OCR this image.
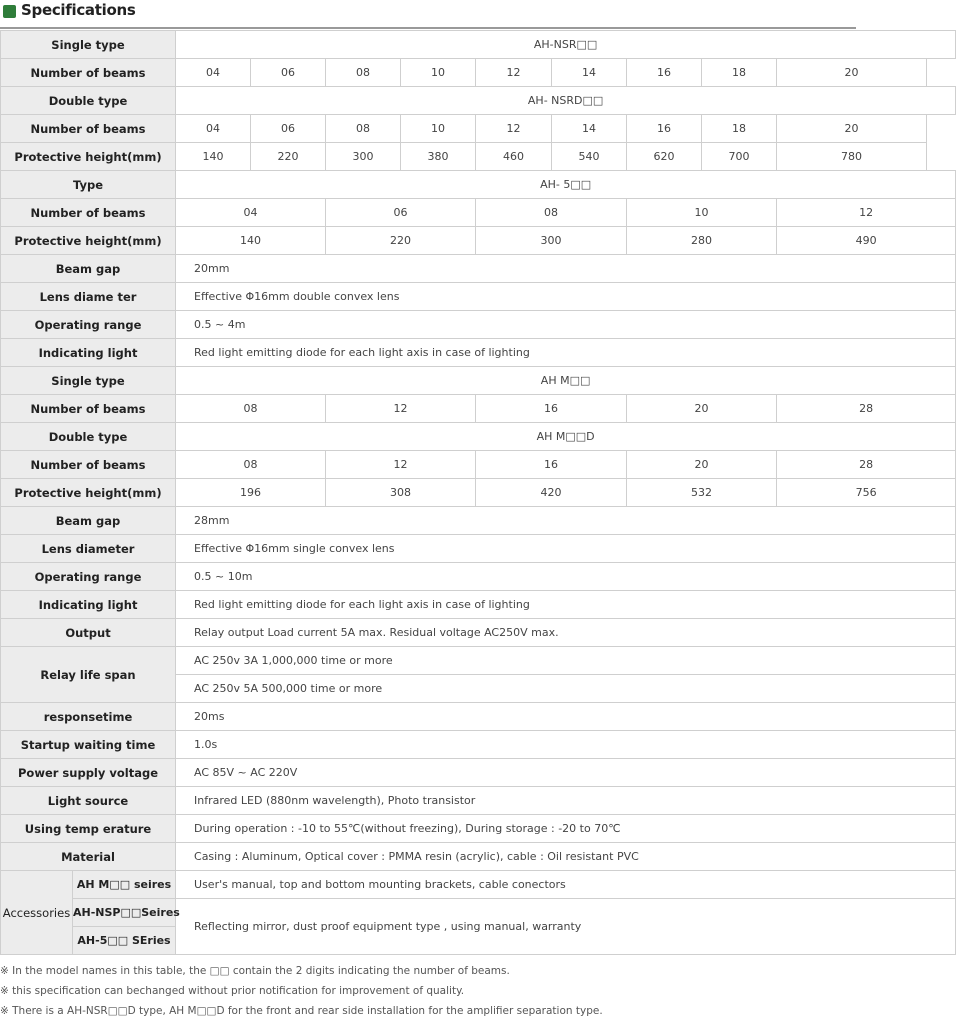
Specifications
Single type		AH-NSR□□								
Number of beams		04	06	08	10	12	14	16	18	20
Double type		AH- NSRD□□								
Number of beams		04	06	08	10	12	14	16	18	20
Protective height(mm)		140	220	300	380	460	540	620	700	780
Type		AH- 5□□								
Number of beams		04		06		08		10		12
Protective height(mm)		140		220		300		280		490
Beam gap		20mm								
Lens diame ter		Effective Φ16mm double convex lens								
Operating range		0.5 ~ 4m								
Indicating light		Red light emitting diode for each light axis in case of lighting								
Single type		AH M□□								
Number of beams		08		12		16		20		28
Double type		AH M□□D								
Number of beams		08		12		16		20		28
Protective height(mm)		196		308		420		532		756
Beam gap		28mm								
Lens diameter		Effective Φ16mm single convex lens								
Operating range		0.5 ~ 10m								
Indicating light		Red light emitting diode for each light axis in case of lighting								
Output		Relay output Load current 5A max. Residual voltage AC250V max.								
Relay life span		AC 250v 3A 1,000,000 time or more								
		AC 250v 5A 500,000 time or more								
responsetime		20ms								
Startup waiting time		1.0s								
Power supply voltage		AC 85V ~ AC 220V								
Light source		Infrared LED (880nm wavelength), Photo transistor								
Using temp erature		During operation : -10 to 55℃(without freezing), During storage : -20 to 70℃								
Material		Casing : Aluminum, Optical cover : PMMA resin (acrylic), cable : Oil resistant PVC								
Accessories	AH M□□ seires	User's manual, top and bottom mounting brackets, cable conectors								
	AH-NSP□□Seires	Reflecting mirror, dust proof equipment type , using manual, warranty								
	AH-5□□ SEries									
※ In the model names in this table, the □□ contain the 2 digits indicating the number of beams.
※ this specification can bechanged without prior notification for improvement of quality.
※ There is a AH-NSR□□D type, AH M□□D for the front and rear side installation for the amplifier separation type.
